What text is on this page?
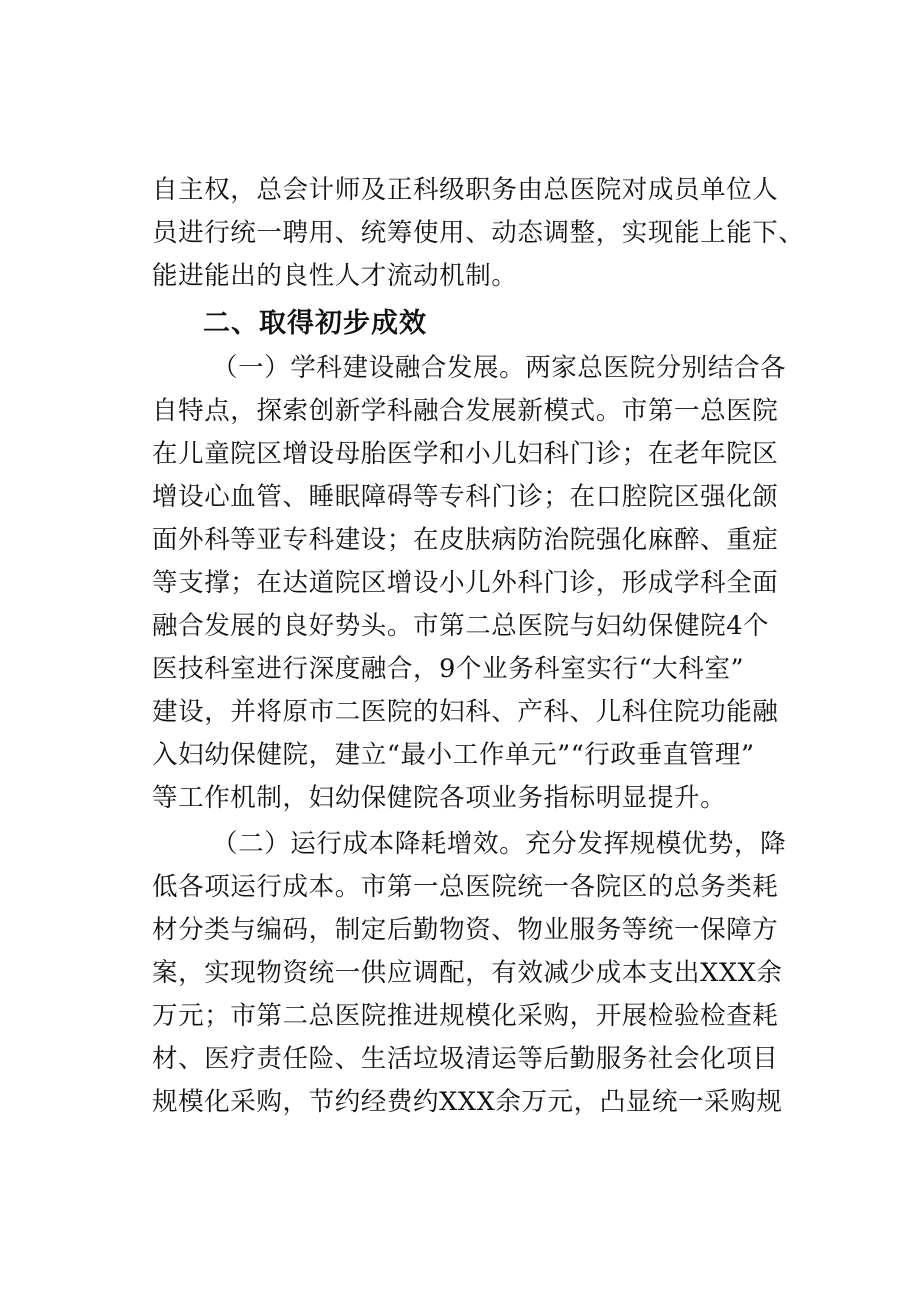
自主权，总会计师及正科级职务由总医院对成员单位人
员进行统一聘用、统筹使用、动态调整，实现能上能下、
能进能出的良性人才流动机制。
二、取得初步成效
（一）学科建设融合发展。两家总医院分别结合各
自特点，探索创新学科融合发展新模式。市第一总医院
在儿童院区增设母胎医学和小儿妇科门诊；在老年院区
增设心血管、睡眠障碍等专科门诊；在口腔院区强化颌
面外科等亚专科建设；在皮肤病防治院强化麻醉、重症
等支撑；在达道院区增设小儿外科门诊，形成学科全面
融合发展的良好势头。市第二总医院与妇幼保健院4个
医技科室进行深度融合，9个业务科室实行“大科室”
建设，并将原市二医院的妇科、产科、儿科住院功能融
入妇幼保健院，建立“最小工作单元”“行政垂直管理”
等工作机制，妇幼保健院各项业务指标明显提升。
（二）运行成本降耗增效。充分发挥规模优势，降
低各项运行成本。市第一总医院统一各院区的总务类耗
材分类与编码，制定后勤物资、物业服务等统一保障方
案，实现物资统一供应调配，有效减少成本支出XXX余
万元；市第二总医院推进规模化采购，开展检验检查耗
材、医疗责任险、生活垃圾清运等后勤服务社会化项目
规模化采购，节约经费约XXX余万元，凸显统一采购规
